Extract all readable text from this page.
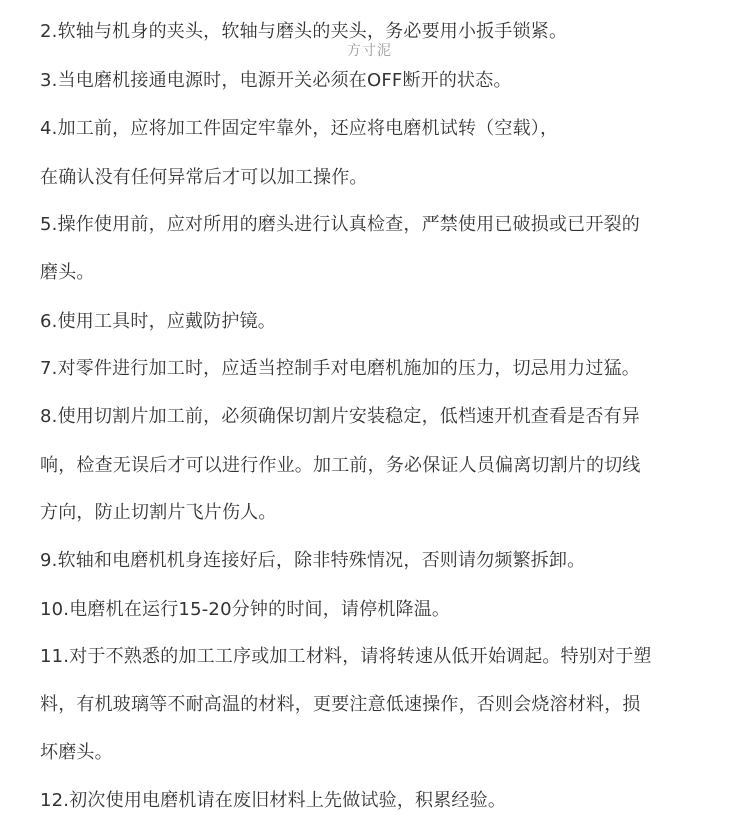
方寸泥
2.软轴与机身的夹头，软轴与磨头的夹头，务必要用小扳手锁紧。
3.当电磨机接通电源时，电源开关必须在OFF断开的状态。
4.加工前，应将加工件固定牢靠外，还应将电磨机试转（空载），
在确认没有任何异常后才可以加工操作。
5.操作使用前，应对所用的磨头进行认真检查，严禁使用已破损或已开裂的
磨头。
6.使用工具时，应戴防护镜。
7.对零件进行加工时，应适当控制手对电磨机施加的压力，切忌用力过猛。
8.使用切割片加工前，必须确保切割片安装稳定，低档速开机查看是否有异
响，检查无误后才可以进行作业。加工前，务必保证人员偏离切割片的切线
方向，防止切割片飞片伤人。
9.软轴和电磨机机身连接好后，除非特殊情况，否则请勿频繁拆卸。
10.电磨机在运行15-20分钟的时间，请停机降温。
11.对于不熟悉的加工工序或加工材料，请将转速从低开始调起。特别对于塑
料，有机玻璃等不耐高温的材料，更要注意低速操作，否则会烧溶材料，损
坏磨头。
12.初次使用电磨机请在废旧材料上先做试验，积累经验。
